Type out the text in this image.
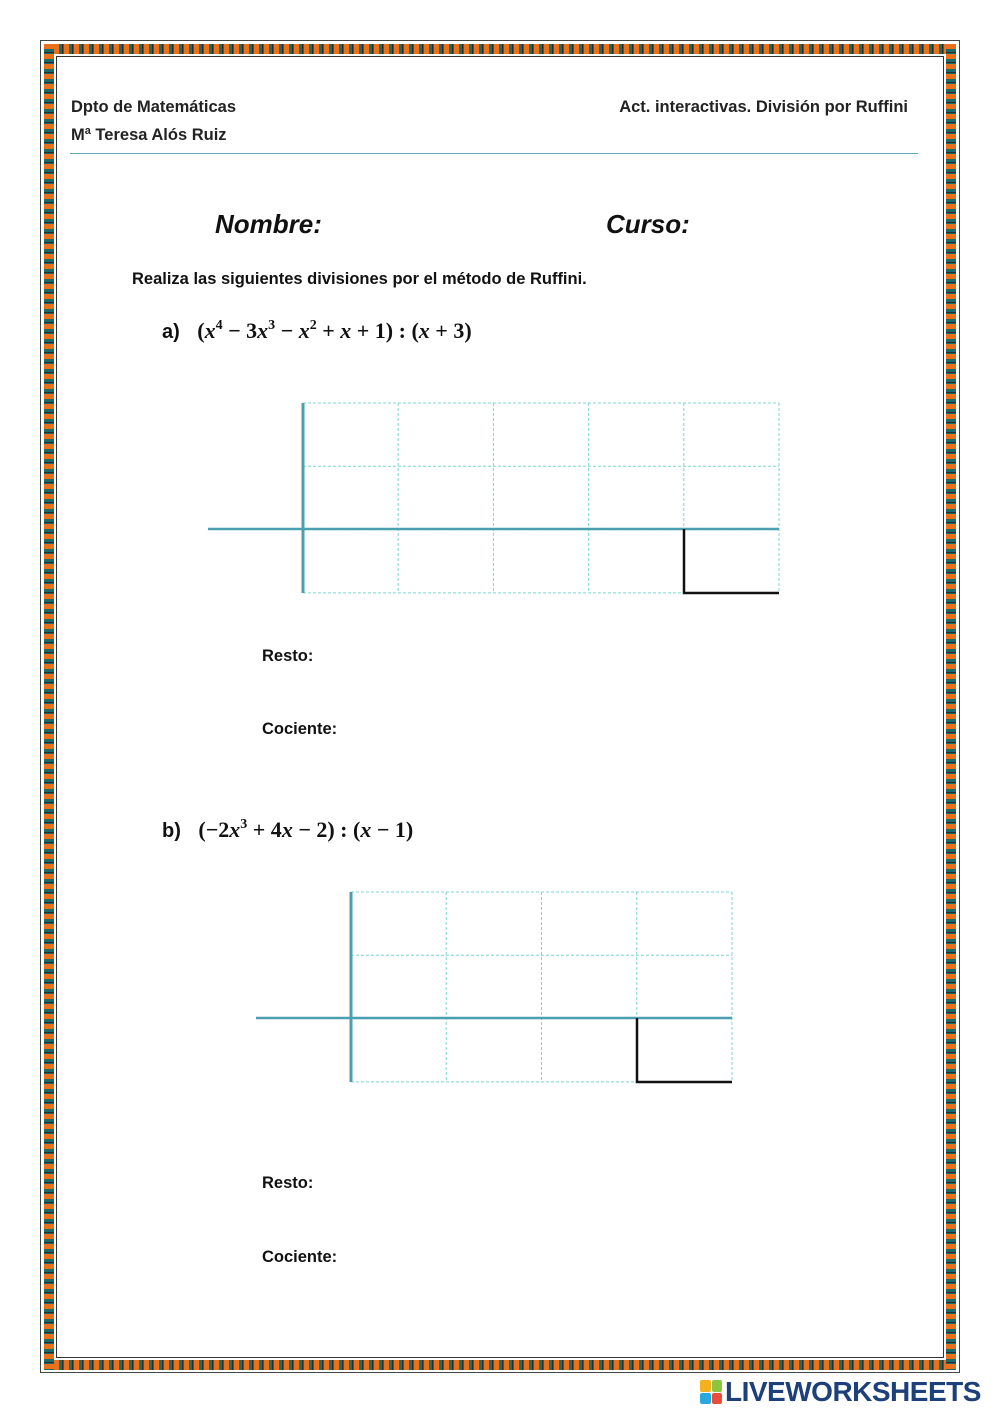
Dpto de Matemáticas
Mª Teresa Alós Ruiz
Act. interactivas. División por Ruffini
Nombre:	Curso:
Realiza las siguientes divisiones por el método de Ruffini.
a) $(x^4 - 3x^3 - x^2 + x + 1)$ : (x + 3)
Resto:
Cociente:
b) $(-2x^3 + 4x - 2)$ : (x − 1)
Resto:
Cociente:
LIVEWORKSHEETS
